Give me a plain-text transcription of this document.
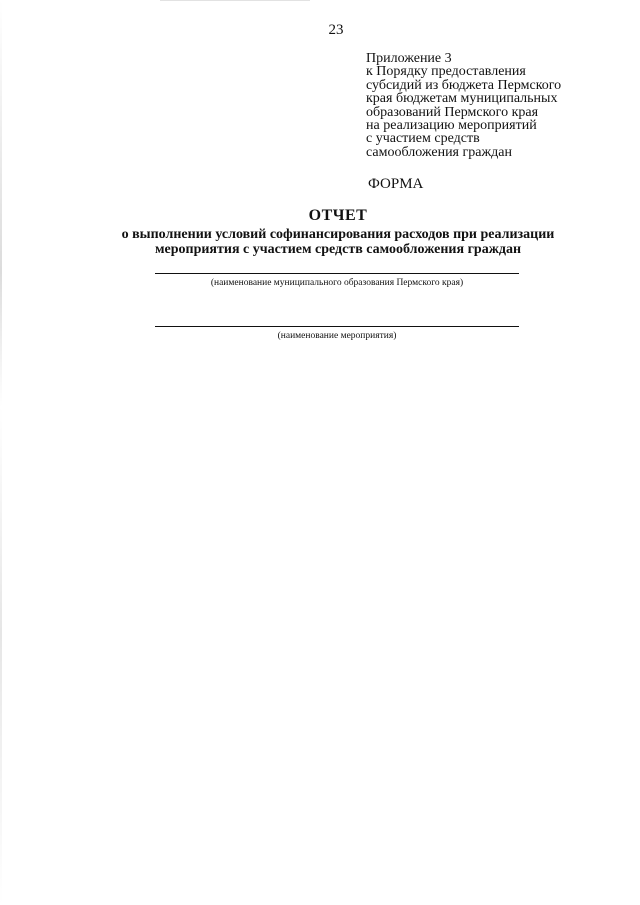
23
Приложение 3
к Порядку предоставления
субсидий из бюджета Пермского
края бюджетам муниципальных
образований Пермского края
на реализацию мероприятий
с участием средств
самообложения граждан
ФОРМА
ОТЧЕТ
о выполнении условий софинансирования расходов при реализации
мероприятия с участием средств самообложения граждан
(наименование муниципального образования Пермского края)
(наименование мероприятия)
